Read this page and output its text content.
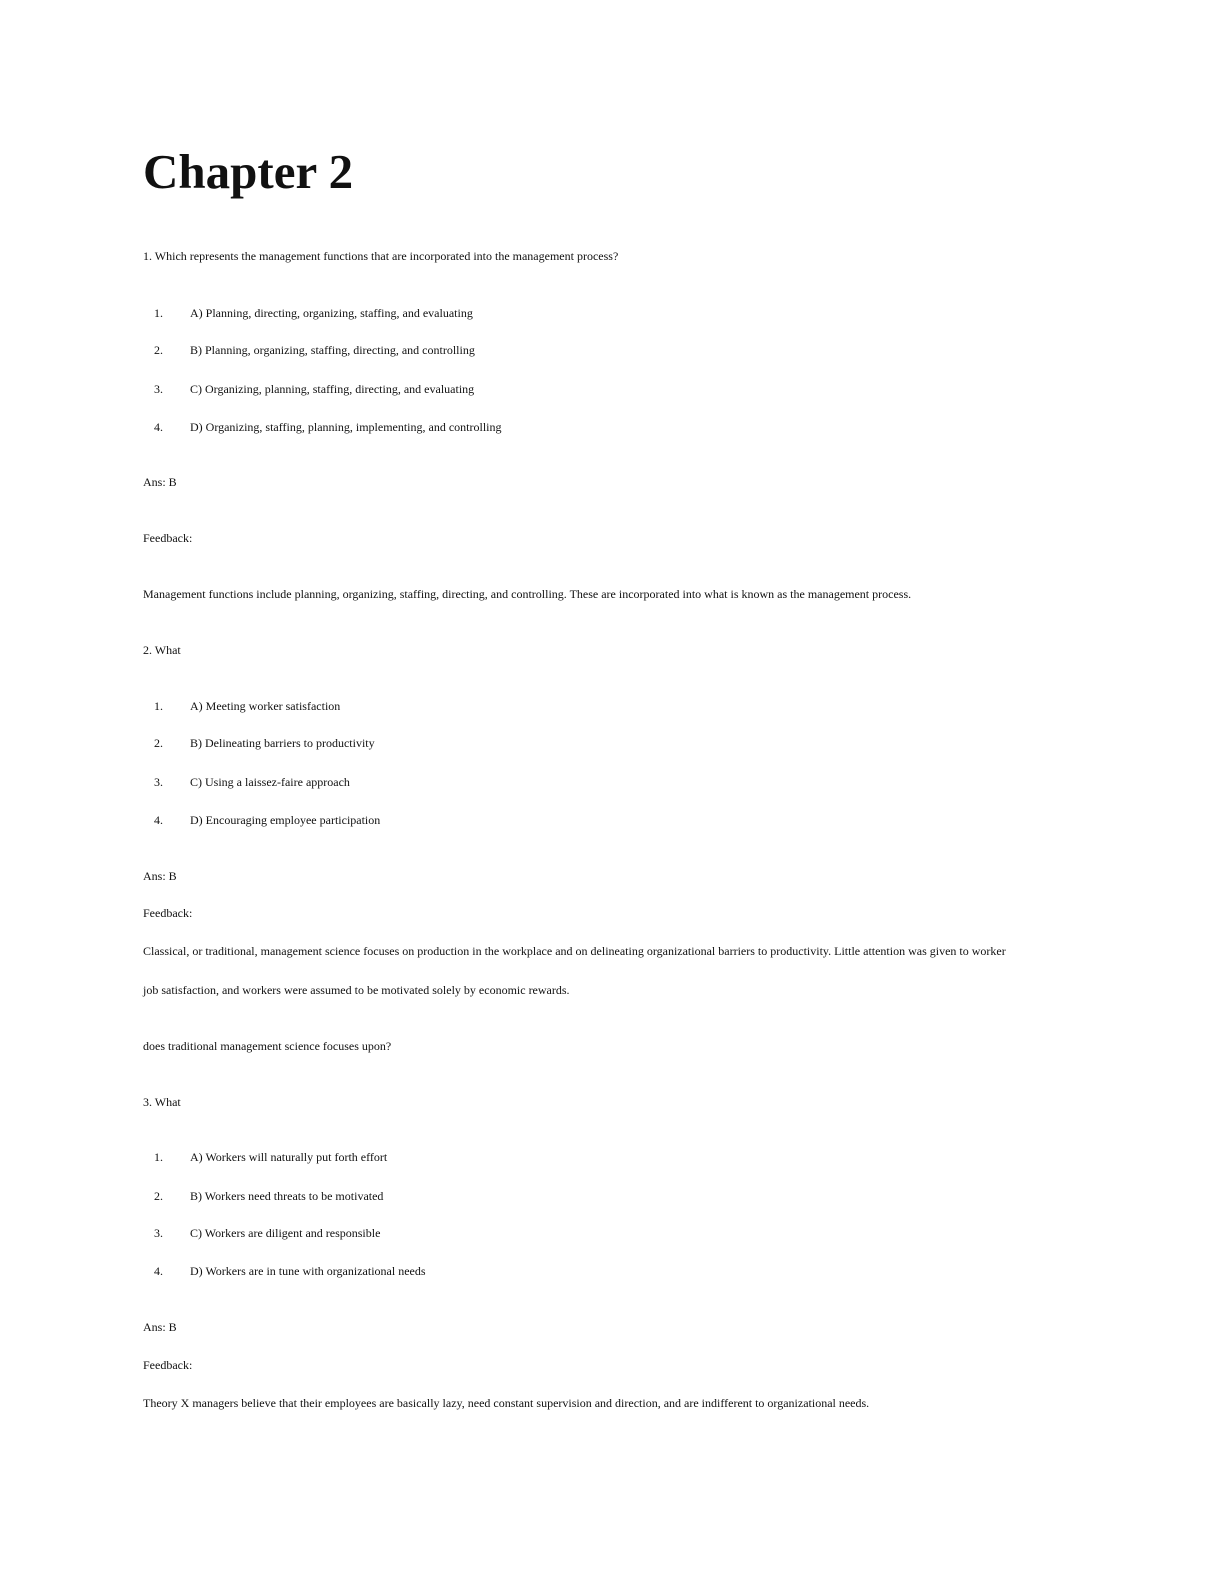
Chapter 2
1. Which represents the management functions that are incorporated into the management process?
1. A) Planning, directing, organizing, staffing, and evaluating
2. B) Planning, organizing, staffing, directing, and controlling
3. C) Organizing, planning, staffing, directing, and evaluating
4. D) Organizing, staffing, planning, implementing, and controlling
Ans: B
Feedback:
Management functions include planning, organizing, staffing, directing, and controlling. These are incorporated into what is known as the management process.
2. What
1. A) Meeting worker satisfaction
2. B) Delineating barriers to productivity
3. C) Using a laissez-faire approach
4. D) Encouraging employee participation
Ans: B
Feedback:
Classical, or traditional, management science focuses on production in the workplace and on delineating organizational barriers to productivity. Little attention was given to worker
job satisfaction, and workers were assumed to be motivated solely by economic rewards.
does traditional management science focuses upon?
3. What
1. A) Workers will naturally put forth effort
2. B) Workers need threats to be motivated
3. C) Workers are diligent and responsible
4. D) Workers are in tune with organizational needs
Ans: B
Feedback:
Theory X managers believe that their employees are basically lazy, need constant supervision and direction, and are indifferent to organizational needs.
